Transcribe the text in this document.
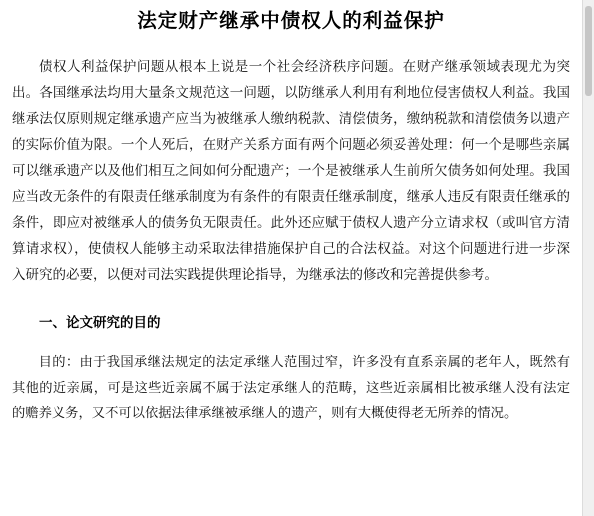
法定财产继承中债权人的利益保护

债权人利益保护问题从根本上说是一个社会经济秩序问题。在财产继承领域表现尤为突出。各国继承法均用大量条文规范这一问题，以防继承人利用有利地位侵害债权人利益。我国继承法仅原则规定继承遗产应当为被继承人缴纳税款、清偿债务，缴纳税款和清偿债务以遗产的实际价值为限。一个人死后，在财产关系方面有两个问题必须妥善处理：何一个是哪些亲属可以继承遗产以及他们相互之间如何分配遗产；一个是被继承人生前所欠债务如何处理。我国应当改无条件的有限责任继承制度为有条件的有限责任继承制度，继承人违反有限责任继承的条件，即应对被继承人的债务负无限责任。此外还应赋于债权人遗产分立请求权（或叫官方清算请求权），使债权人能够主动采取法律措施保护自己的合法权益。对这个问题进行进一步深入研究的必要，以便对司法实践提供理论指导，为继承法的修改和完善提供参考。

一、论文研究的目的

目的：由于我国承继法规定的法定承继人范围过窄，许多没有直系亲属的老年人，既然有其他的近亲属，可是这些近亲属不属于法定承继人的范畴，这些近亲属相比被承继人没有法定的赡养义务，又不可以依据法律承继被承继人的遗产，则有大概使得老无所养的情况。
